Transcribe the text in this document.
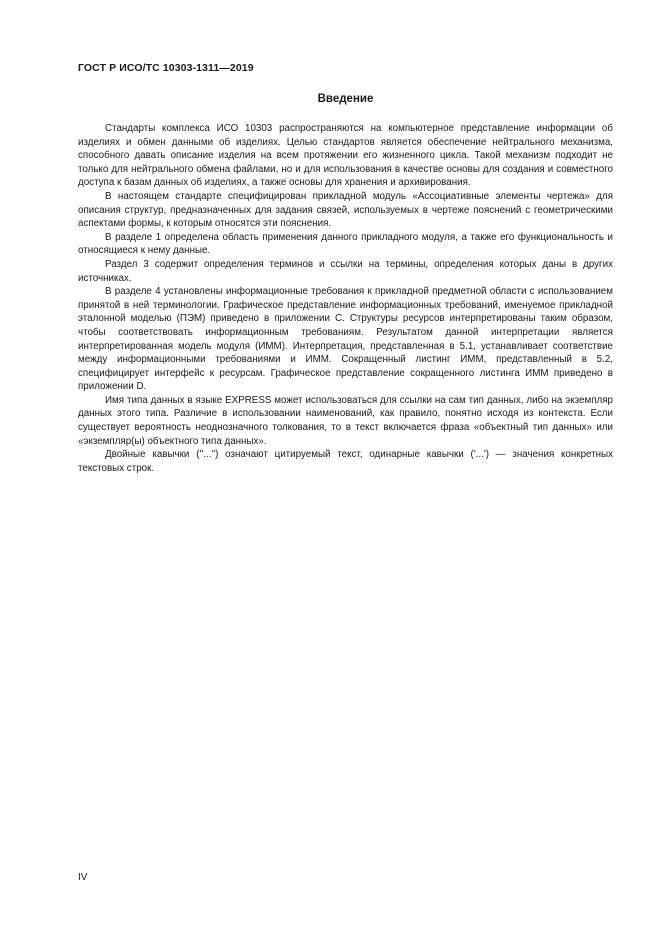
ГОСТ Р ИСО/ТС 10303-1311—2019
Введение

Стандарты комплекса ИСО 10303 распространяются на компьютерное представление информации об изделиях и обмен данными об изделиях. Целью стандартов является обеспечение нейтрального механизма, способного давать описание изделия на всем протяжении его жизненного цикла. Такой механизм подходит не только для нейтрального обмена файлами, но и для использования в качестве основы для создания и совместного доступа к базам данных об изделиях, а также основы для хранения и архивирования.

В настоящем стандарте специфицирован прикладной модуль «Ассоциативные элементы чертежа» для описания структур, предназначенных для задания связей, используемых в чертеже пояснений с геометрическими аспектами формы, к которым относятся эти пояснения.

В разделе 1 определена область применения данного прикладного модуля, а также его функциональность и относящиеся к нему данные.

Раздел 3 содержит определения терминов и ссылки на термины, определения которых даны в других источниках.

В разделе 4 установлены информационные требования к прикладной предметной области с использованием принятой в ней терминологии. Графическое представление информационных требований, именуемое прикладной эталонной моделью (ПЭМ) приведено в приложении С. Структуры ресурсов интерпретированы таким образом, чтобы соответствовать информационным требованиям. Результатом данной интерпретации является интерпретированная модель модуля (ИММ). Интерпретация, представленная в 5.1, устанавливает соответствие между информационными требованиями и ИММ. Сокращенный листинг ИММ, представленный в 5.2, специфицирует интерфейс к ресурсам. Графическое представление сокращенного листинга ИММ приведено в приложении D.

Имя типа данных в языке EXPRESS может использоваться для ссылки на сам тип данных, либо на экземпляр данных этого типа. Различие в использовании наименований, как правило, понятно исходя из контекста. Если существует вероятность неоднозначного толкования, то в текст включается фраза «объектный тип данных» или «экземпляр(ы) объектного типа данных».

Двойные кавычки (''...'') означают цитируемый текст, одинарные кавычки ('...') — значения конкретных текстовых строк.

IV
